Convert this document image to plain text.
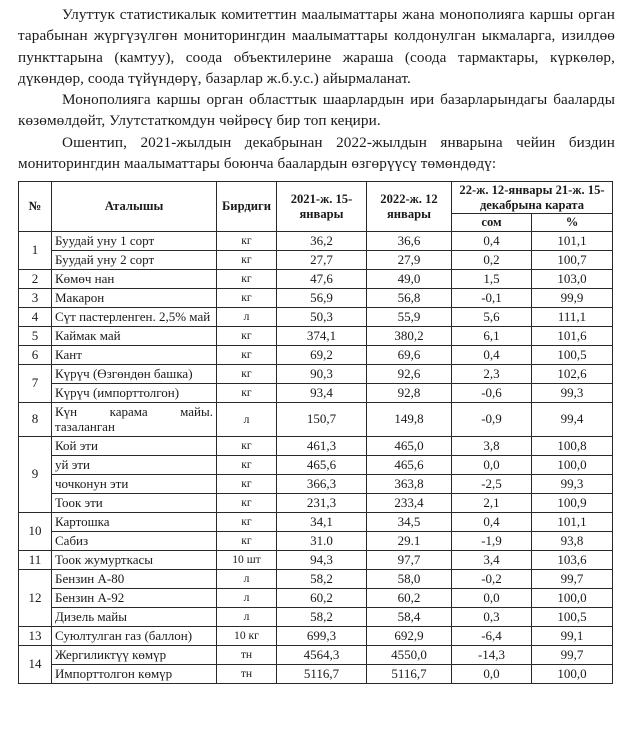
Улуттук статистикалык комитеттин маалыматтары жана монополияга каршы орган тарабынан жүргүзүлгөн мониторингдин маалыматтары колдонулган ыкмаларга, изилдөө пункттарына (камтуу), соода объектилерине жараша (соода тармактары, күркөлөр, дүкөндөр, соода түйүндөрү, базарлар ж.б.у.с.) айырмаланат.

Монополияга каршы орган областтык шаарлардын ири базарларындагы бааларды көзөмөлдөйт, Улутстаткомдун чөйрөсү бир топ кеңири.

Ошентип, 2021-жылдын декабрынан 2022-жылдын январына чейин биздин мониторингдин маалыматтары боюнча баалардын өзгөрүүсү төмөндөдү:

№	Аталышы	Бирдиги	2021-ж. 15-январы	2022-ж. 12 январы	22-ж. 12-январы 21-ж. 15-декабрына карата	
					сом	%
1	Буудай уну 1 сорт	кг	36,2	36,6	0,4	101,1
	Буудай уну 2 сорт	кг	27,7	27,9	0,2	100,7
2	Көмөч нан	кг	47,6	49,0	1,5	103,0
3	Макарон	кг	56,9	56,8	-0,1	99,9
4	Сүт пастерленген. 2,5% май	л	50,3	55,9	5,6	111,1
5	Каймак май	кг	374,1	380,2	6,1	101,6
6	Кант	кг	69,2	69,6	0,4	100,5
7	Күрүч (Өзгөндөн башка)	кг	90,3	92,6	2,3	102,6
	Күрүч (импорттолгон)	кг	93,4	92,8	-0,6	99,3
8	Күн карама майы. тазаланган	л	150,7	149,8	-0,9	99,4
9	Кой эти	кг	461,3	465,0	3,8	100,8
	уй эти	кг	465,6	465,6	0,0	100,0
	чочконун эти	кг	366,3	363,8	-2,5	99,3
	Тоок эти	кг	231,3	233,4	2,1	100,9
10	Картошка	кг	34,1	34,5	0,4	101,1
	Сабиз	кг	31.0	29.1	-1,9	93,8
11	Тоок жумурткасы	10 шт	94,3	97,7	3,4	103,6
12	Бензин А-80	л	58,2	58,0	-0,2	99,7
	Бензин А-92	л	60,2	60,2	0,0	100,0
	Дизель майы	л	58,2	58,4	0,3	100,5
13	Суюлтулган газ (баллон)	10 кг	699,3	692,9	-6,4	99,1
14	Жергиликтүү көмүр	тн	4564,3	4550,0	-14,3	99,7
	Импорттолгон көмүр	тн	5116,7	5116,7	0,0	100,0
